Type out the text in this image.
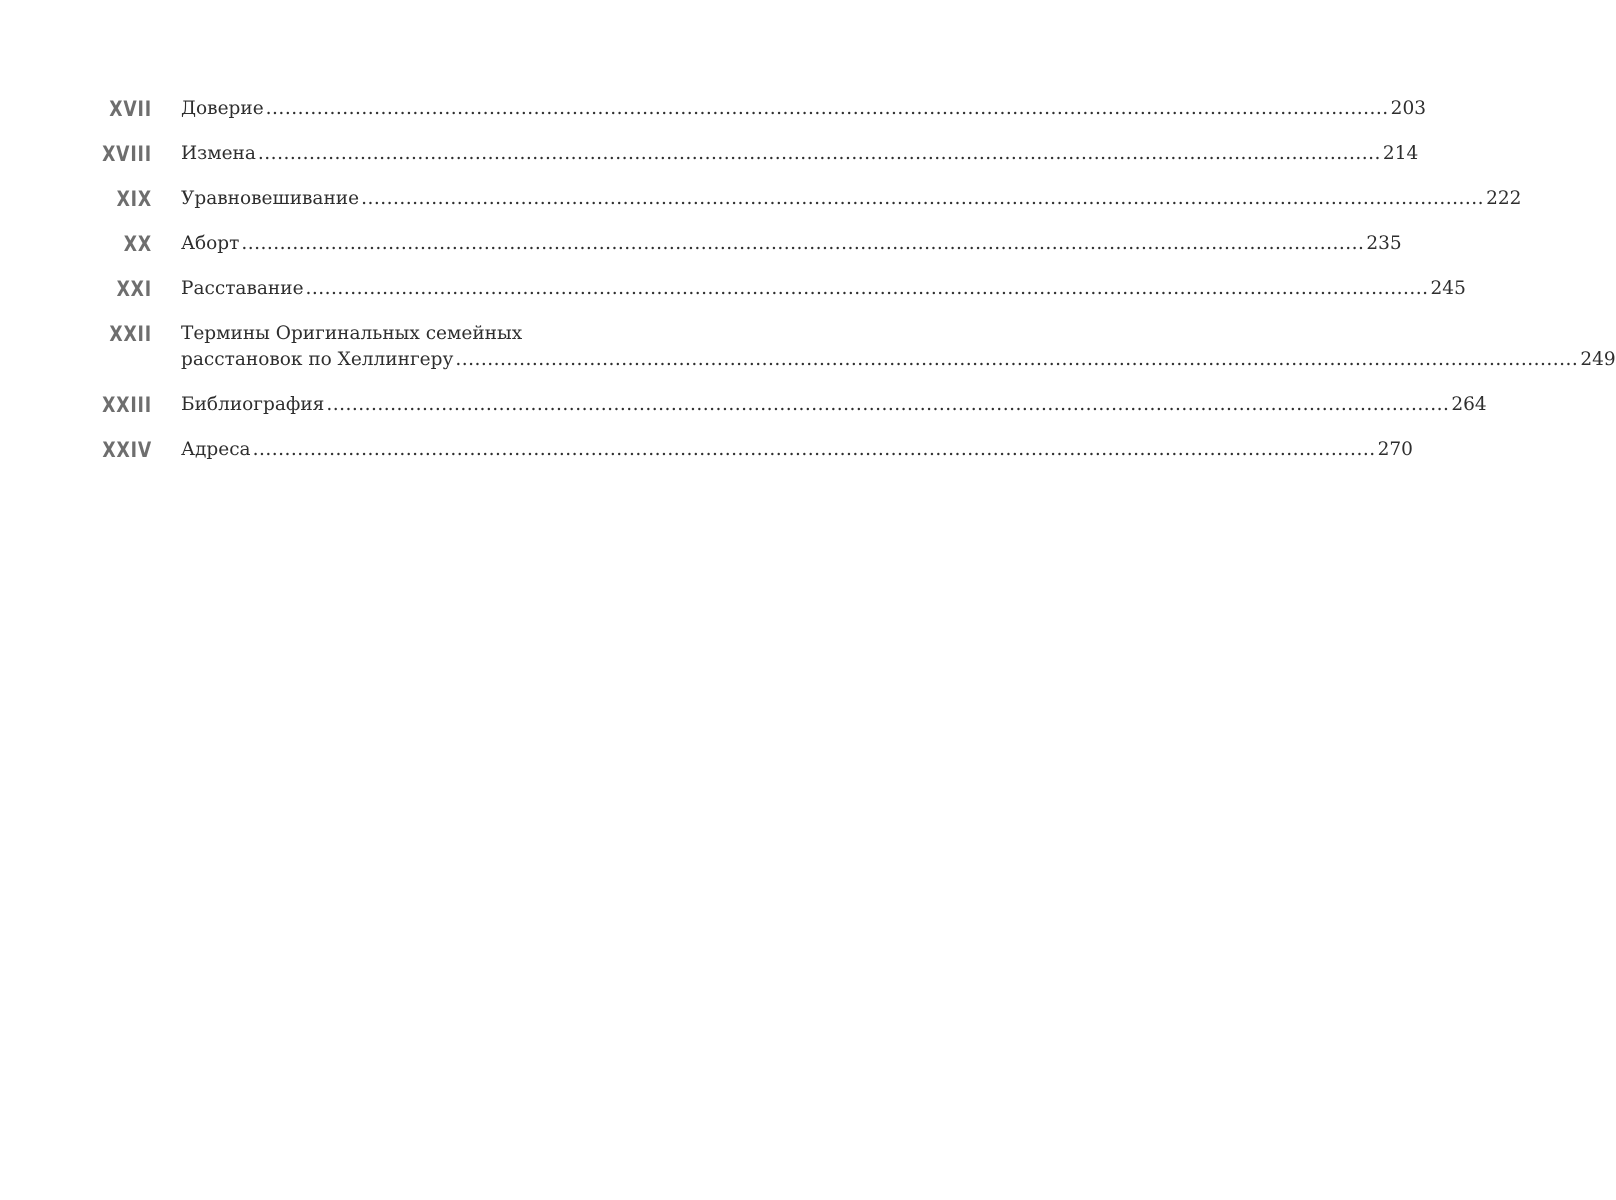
XVII Доверие .....	203
XVIII Измена .....	214
XIX Уравновешивание .....	222
XX Аборт .....	235
XXI Расставание .....	245
XXII Термины Оригинальных семейных
расстановок по Хеллингеру .....	249
XXIII Библиография .....	264
XXIV Адреса .....	270
